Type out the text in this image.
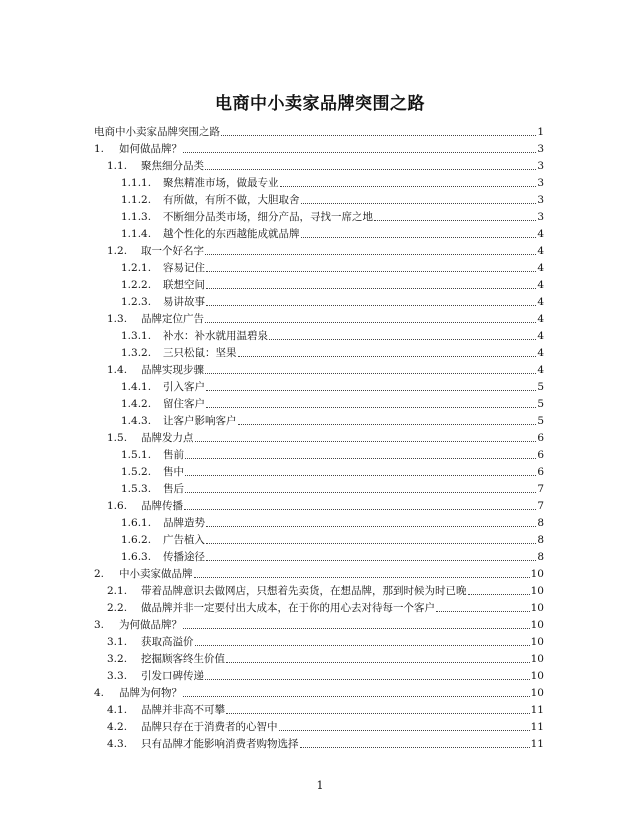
电商中小卖家品牌突围之路
电商中小卖家品牌突围之路	1
1.	如何做品牌？	3
1.1.	聚焦细分品类	3
1.1.1.	聚焦精准市场，做最专业	3
1.1.2.	有所做，有所不做，大胆取舍	3
1.1.3.	不断细分品类市场，细分产品，寻找一席之地	3
1.1.4.	越个性化的东西越能成就品牌	4
1.2.	取一个好名字	4
1.2.1.	容易记住	4
1.2.2.	联想空间	4
1.2.3.	易讲故事	4
1.3.	品牌定位广告	4
1.3.1.	补水：补水就用温碧泉	4
1.3.2.	三只松鼠：坚果	4
1.4.	品牌实现步骤	4
1.4.1.	引入客户	5
1.4.2.	留住客户	5
1.4.3.	让客户影响客户	5
1.5.	品牌发力点	6
1.5.1.	售前	6
1.5.2.	售中	6
1.5.3.	售后	7
1.6.	品牌传播	7
1.6.1.	品牌造势	8
1.6.2.	广告植入	8
1.6.3.	传播途径	8
2.	中小卖家做品牌	10
2.1.	带着品牌意识去做网店，只想着先卖货，在想品牌，那到时候为时已晚	10
2.2.	做品牌并非一定要付出大成本，在于你的用心去对待每一个客户	10
3.	为何做品牌？	10
3.1.	获取高溢价	10
3.2.	挖掘顾客终生价值	10
3.3.	引发口碑传递	10
4.	品牌为何物？	10
4.1.	品牌并非高不可攀	11
4.2.	品牌只存在于消费者的心智中	11
4.3.	只有品牌才能影响消费者购物选择	11
1
